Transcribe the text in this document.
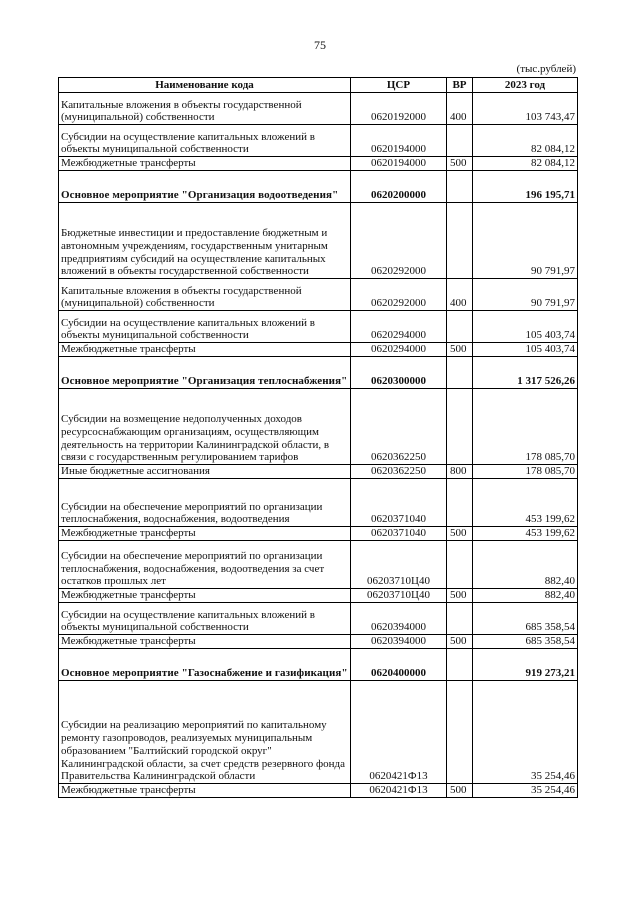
75
(тыс.рублей)
Наименование кода	ЦСР	ВР	2023 год
Капитальные вложения в объекты государственной (муниципальной) собственности	0620192000	400	103 743,47
Субсидии на осуществление капитальных вложений в объекты муниципальной собственности	0620194000		82 084,12
Межбюджетные трансферты	0620194000	500	82 084,12
Основное мероприятие "Организация водоотведения"	0620200000		196 195,71
Бюджетные инвестиции и предоставление бюджетным и автономным учреждениям, государственным унитарным предприятиям субсидий на осуществление капитальных вложений в объекты государственной собственности	0620292000		90 791,97
Капитальные вложения в объекты государственной (муниципальной) собственности	0620292000	400	90 791,97
Субсидии на осуществление капитальных вложений в объекты муниципальной собственности	0620294000		105 403,74
Межбюджетные трансферты	0620294000	500	105 403,74
Основное мероприятие "Организация теплоснабжения"	0620300000		1 317 526,26
Субсидии на возмещение недополученных доходов ресурсоснабжающим организациям, осуществляющим деятельность на территории Калининградской области, в связи с государственным регулированием тарифов	0620362250		178 085,70
Иные бюджетные ассигнования	0620362250	800	178 085,70
Субсидии на обеспечение мероприятий по организации теплоснабжения, водоснабжения, водоотведения	0620371040		453 199,62
Межбюджетные трансферты	0620371040	500	453 199,62
Субсидии на обеспечение мероприятий по организации теплоснабжения, водоснабжения, водоотведения за счет остатков прошлых лет	06203710Ц40		882,40
Межбюджетные трансферты	06203710Ц40	500	882,40
Субсидии на осуществление капитальных вложений в объекты муниципальной собственности	0620394000		685 358,54
Межбюджетные трансферты	0620394000	500	685 358,54
Основное мероприятие "Газоснабжение и газификация"	0620400000		919 273,21
Субсидии на реализацию мероприятий по капитальному ремонту газопроводов, реализуемых муниципальным образованием "Балтийский городской округ" Калининградской области, за счет средств резервного фонда Правительства Калининградской области	0620421Ф13		35 254,46
Межбюджетные трансферты	0620421Ф13	500	35 254,46
